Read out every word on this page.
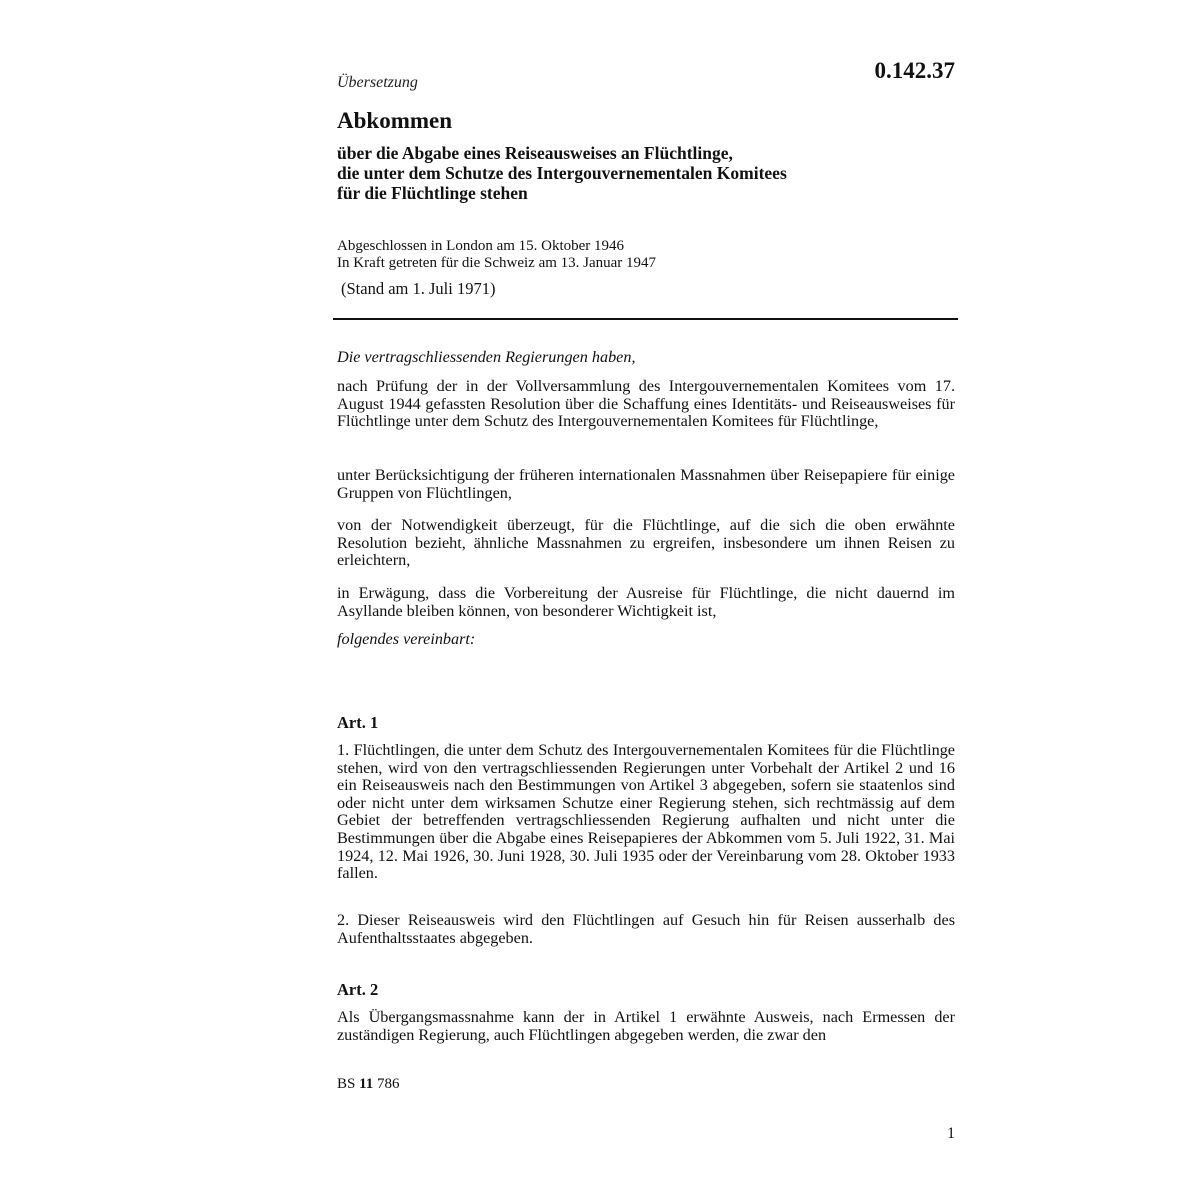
Übersetzung	0.142.37
Abkommen
über die Abgabe eines Reiseausweises an Flüchtlinge,
die unter dem Schutze des Intergouvernementalen Komitees
für die Flüchtlinge stehen
Abgeschlossen in London am 15. Oktober 1946
In Kraft getreten für die Schweiz am 13. Januar 1947
(Stand am 1. Juli 1971)
Die vertragschliessenden Regierungen haben,

nach Prüfung der in der Vollversammlung des Intergouvernementalen Komitees vom 17. August 1944 gefassten Resolution über die Schaffung eines Identitäts- und Reiseausweises für Flüchtlinge unter dem Schutz des Intergouvernementalen Komitees für Flüchtlinge,

unter Berücksichtigung der früheren internationalen Massnahmen über Reisepapiere für einige Gruppen von Flüchtlingen,

von der Notwendigkeit überzeugt, für die Flüchtlinge, auf die sich die oben erwähnte Resolution bezieht, ähnliche Massnahmen zu ergreifen, insbesondere um ihnen Reisen zu erleichtern,

in Erwägung, dass die Vorbereitung der Ausreise für Flüchtlinge, die nicht dauernd im Asyllande bleiben können, von besonderer Wichtigkeit ist,

folgendes vereinbart:
Art. 1

1. Flüchtlingen, die unter dem Schutz des Intergouvernementalen Komitees für die Flüchtlinge stehen, wird von den vertragschliessenden Regierungen unter Vorbehalt der Artikel 2 und 16 ein Reiseausweis nach den Bestimmungen von Artikel 3 abgegeben, sofern sie staatenlos sind oder nicht unter dem wirksamen Schutze einer Regierung stehen, sich rechtmässig auf dem Gebiet der betreffenden vertragschliessenden Regierung aufhalten und nicht unter die Bestimmungen über die Abgabe eines Reisepapieres der Abkommen vom 5. Juli 1922, 31. Mai 1924, 12. Mai 1926, 30. Juni 1928, 30. Juli 1935 oder der Vereinbarung vom 28. Oktober 1933 fallen.

2. Dieser Reiseausweis wird den Flüchtlingen auf Gesuch hin für Reisen ausserhalb des Aufenthaltsstaates abgegeben.

Art. 2

Als Übergangsmassnahme kann der in Artikel 1 erwähnte Ausweis, nach Ermessen der zuständigen Regierung, auch Flüchtlingen abgegeben werden, die zwar den

BS 11 786
1
